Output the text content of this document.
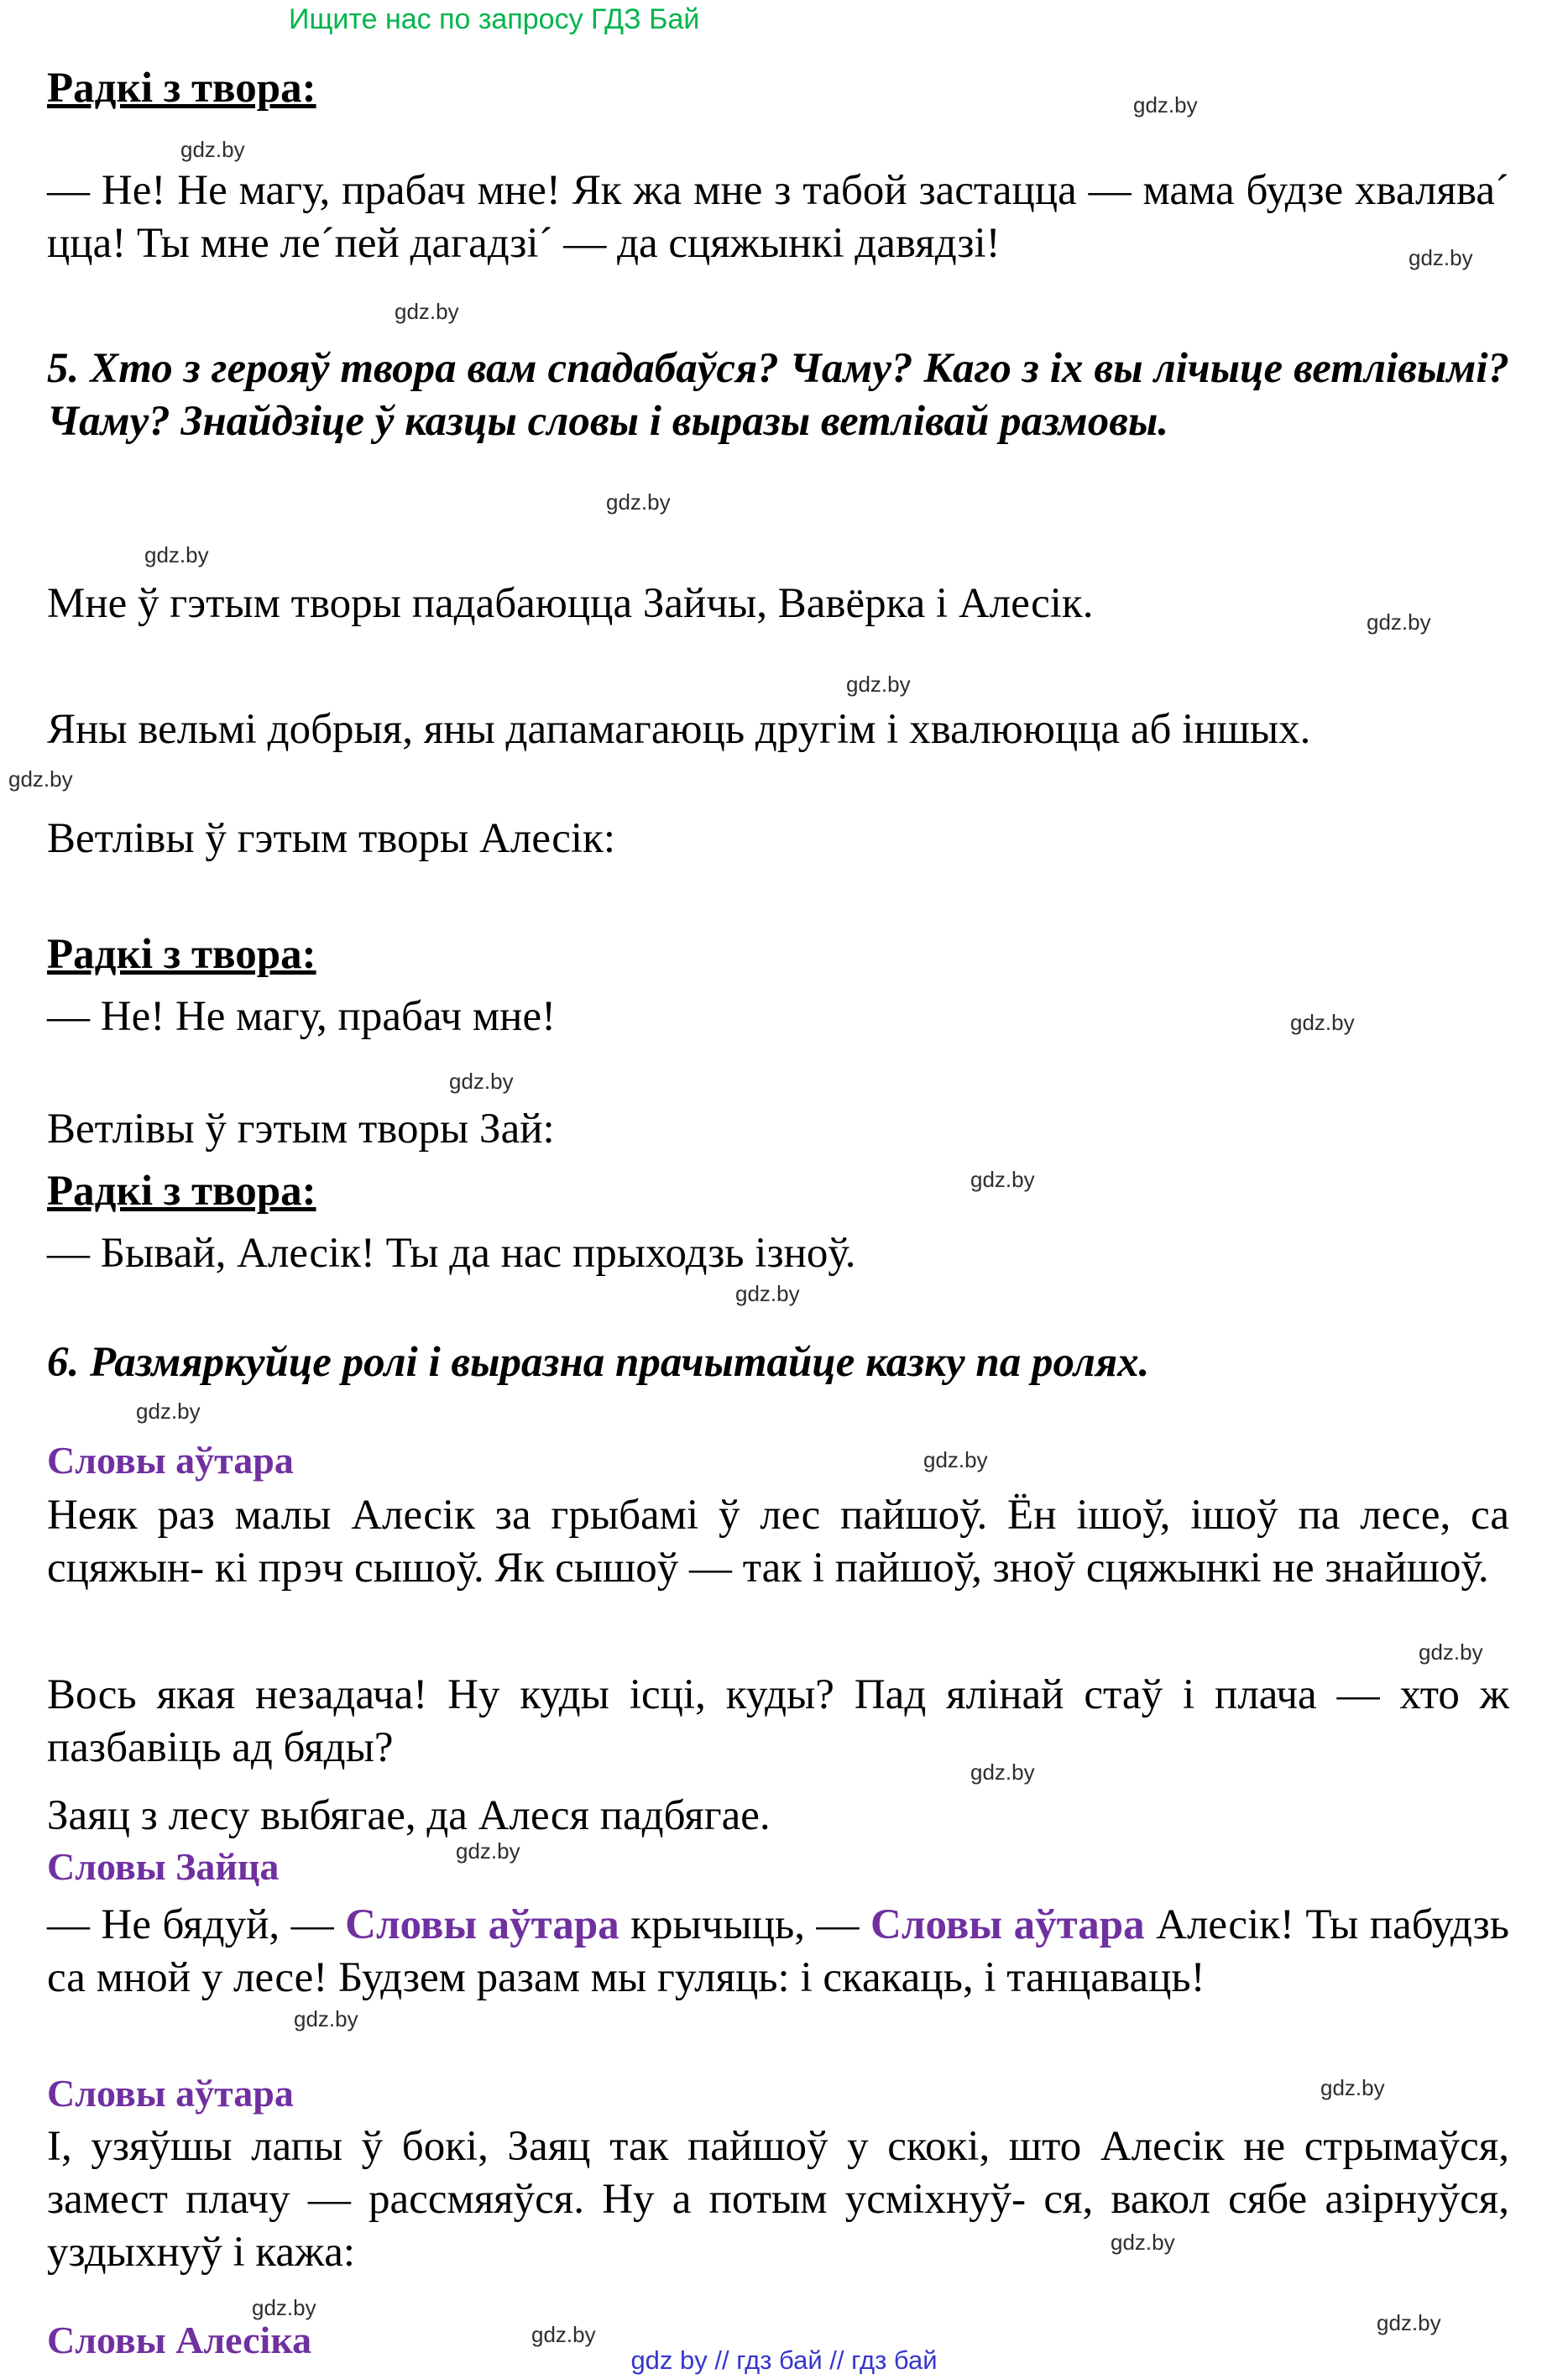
Ищите нас по запросу ГДЗ Бай
Радкі з твора:

— Не! Не магу, прабач мне! Як жа мне з табой застацца — мама будзе хвалява´ цца! Ты мне ле´пей дагадзі´ — да сцяжынкі давядзі!

5. Хто з герояў твора вам спадабаўся? Чаму? Каго з іх вы лічыце ветлівымі? Чаму? Знайдзіце ў казцы словы і выразы ветлівай размовы.

Мне ў гэтым творы падабаюцца Зайчы, Вавёрка і Алесік.

Яны вельмі добрыя, яны дапамагаюць другім і хвалююцца аб іншых.

Ветлівы ў гэтым творы Алесік:

Радкі з твора:

— Не! Не магу, прабач мне!

Ветлівы ў гэтым творы Зай:

Радкі з твора:

— Бывай, Алесік! Ты да нас прыходзь ізноў.

6. Размяркуйце ролі і выразна прачытайце казку па ролях.

Словы аўтара

Неяк раз малы Алесік за грыбамі ў лес пайшоў. Ён ішоў, ішоў па лесе, са сцяжын- кі прэч сышоў. Як сышоў — так і пайшоў, зноў сцяжынкі не знайшоў.

Вось якая незадача! Ну куды ісці, куды? Пад ялінай стаў і плача — хто ж пазбавіць ад бяды?

Заяц з лесу выбягае, да Алеся падбягае.

Словы Зайца

— Не бядуй, — Словы аўтара крычыць, — Словы аўтара Алесік! Ты пабудзь са мной у лесе! Будзем разам мы гуляць: і скакаць, і танцаваць!

Словы аўтара

І, узяўшы лапы ў бокі, Заяц так пайшоў у скокі, што Алесік не стрымаўся, замест плачу — рассмяяўся. Ну а потым усміхнуў- ся, вакол сябе азірнуўся, уздыхнуў і кажа:

Словы Алесіка	gdz by // гдз бай // гдз бай
gdz.by
gdz.by
gdz.by
gdz.by
gdz.by
gdz.by
gdz.by
gdz.by
gdz.by
gdz.by
gdz.by
gdz.by
gdz.by
gdz.by
gdz.by
gdz.by
gdz.by
gdz.by
gdz.by
gdz.by
gdz.by
gdz.by
gdz.by	gdz.by
